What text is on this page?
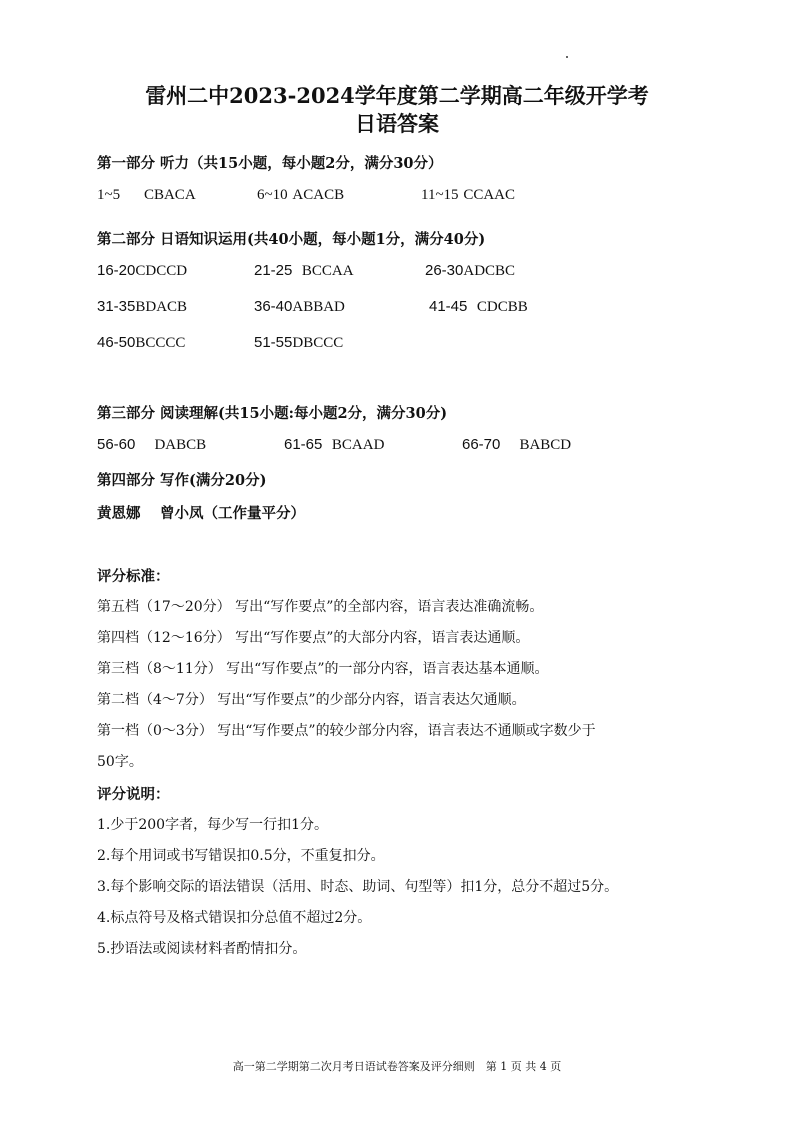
雷州二中2023-2024学年度第二学期高二年级开学考
日语答案
第一部分 听力（共15小题，每小题2分，满分30分）
1~5 CBACA	6~10 ACACB	11~15 CCAAC
第二部分 日语知识运用(共40小题，每小题1分，满分40分)
16-20CDCCD	21-25 BCCAA	26-30ADCBC
31-35BDACB	36-40ABBAD	41-45 CDCBB
46-50BCCCC	51-55DBCCC
第三部分 阅读理解(共15小题:每小题2分，满分30分)
56-60 DABCB	61-65 BCAAD	66-70 BABCD
第四部分 写作(满分20分)
黄恩娜　 曾小凤（工作量平分）
评分标准：
第五档（17～20分） 写出“写作要点”的全部内容，语言表达准确流畅。
第四档（12～16分） 写出“写作要点”的大部分内容，语言表达通顺。
第三档（8～11分） 写出“写作要点”的一部分内容，语言表达基本通顺。
第二档（4～7分） 写出“写作要点”的少部分内容，语言表达欠通顺。
第一档（0～3分） 写出“写作要点”的较少部分内容，语言表达不通顺或字数少于
50字。
评分说明：
1.少于200字者，每少写一行扣1分。
2.每个用词或书写错误扣0.5分，不重复扣分。
3.每个影响交际的语法错误（活用、时态、助词、句型等）扣1分，总分不超过5分。
4.标点符号及格式错误扣分总值不超过2分。
5.抄语法或阅读材料者酌情扣分。
高一第二学期第二次月考日语试卷答案及评分细则　第 1 页 共 4 页
